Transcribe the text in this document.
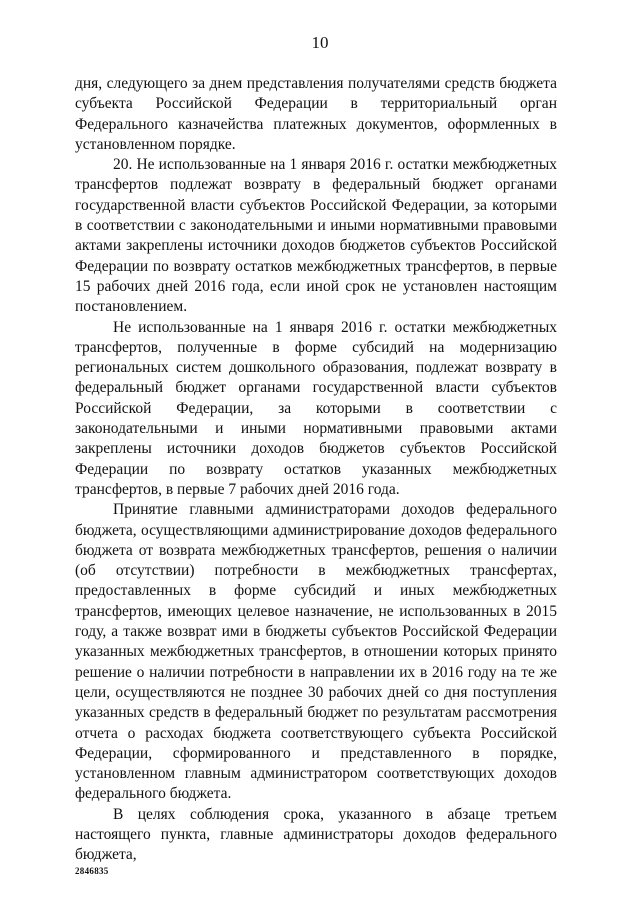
10

дня, следующего за днем представления получателями средств бюджета субъекта Российской Федерации в территориальный орган Федерального казначейства платежных документов, оформленных в установленном порядке.

20. Не использованные на 1 января 2016 г. остатки межбюджетных трансфертов подлежат возврату в федеральный бюджет органами государственной власти субъектов Российской Федерации, за которыми в соответствии с законодательными и иными нормативными правовыми актами закреплены источники доходов бюджетов субъектов Российской Федерации по возврату остатков межбюджетных трансфертов, в первые 15 рабочих дней 2016 года, если иной срок не установлен настоящим постановлением.

Не использованные на 1 января 2016 г. остатки межбюджетных трансфертов, полученные в форме субсидий на модернизацию региональных систем дошкольного образования, подлежат возврату в федеральный бюджет органами государственной власти субъектов Российской Федерации, за которыми в соответствии с законодательными и иными нормативными правовыми актами закреплены источники доходов бюджетов субъектов Российской Федерации по возврату остатков указанных межбюджетных трансфертов, в первые 7 рабочих дней 2016 года.

Принятие главными администраторами доходов федерального бюджета, осуществляющими администрирование доходов федерального бюджета от возврата межбюджетных трансфертов, решения о наличии (об отсутствии) потребности в межбюджетных трансфертах, предоставленных в форме субсидий и иных межбюджетных трансфертов, имеющих целевое назначение, не использованных в 2015 году, а также возврат ими в бюджеты субъектов Российской Федерации указанных межбюджетных трансфертов, в отношении которых принято решение о наличии потребности в направлении их в 2016 году на те же цели, осуществляются не позднее 30 рабочих дней со дня поступления указанных средств в федеральный бюджет по результатам рассмотрения отчета о расходах бюджета соответствующего субъекта Российской Федерации, сформированного и представленного в порядке, установленном главным администратором соответствующих доходов федерального бюджета.

В целях соблюдения срока, указанного в абзаце третьем настоящего пункта, главные администраторы доходов федерального бюджета,

2846835
